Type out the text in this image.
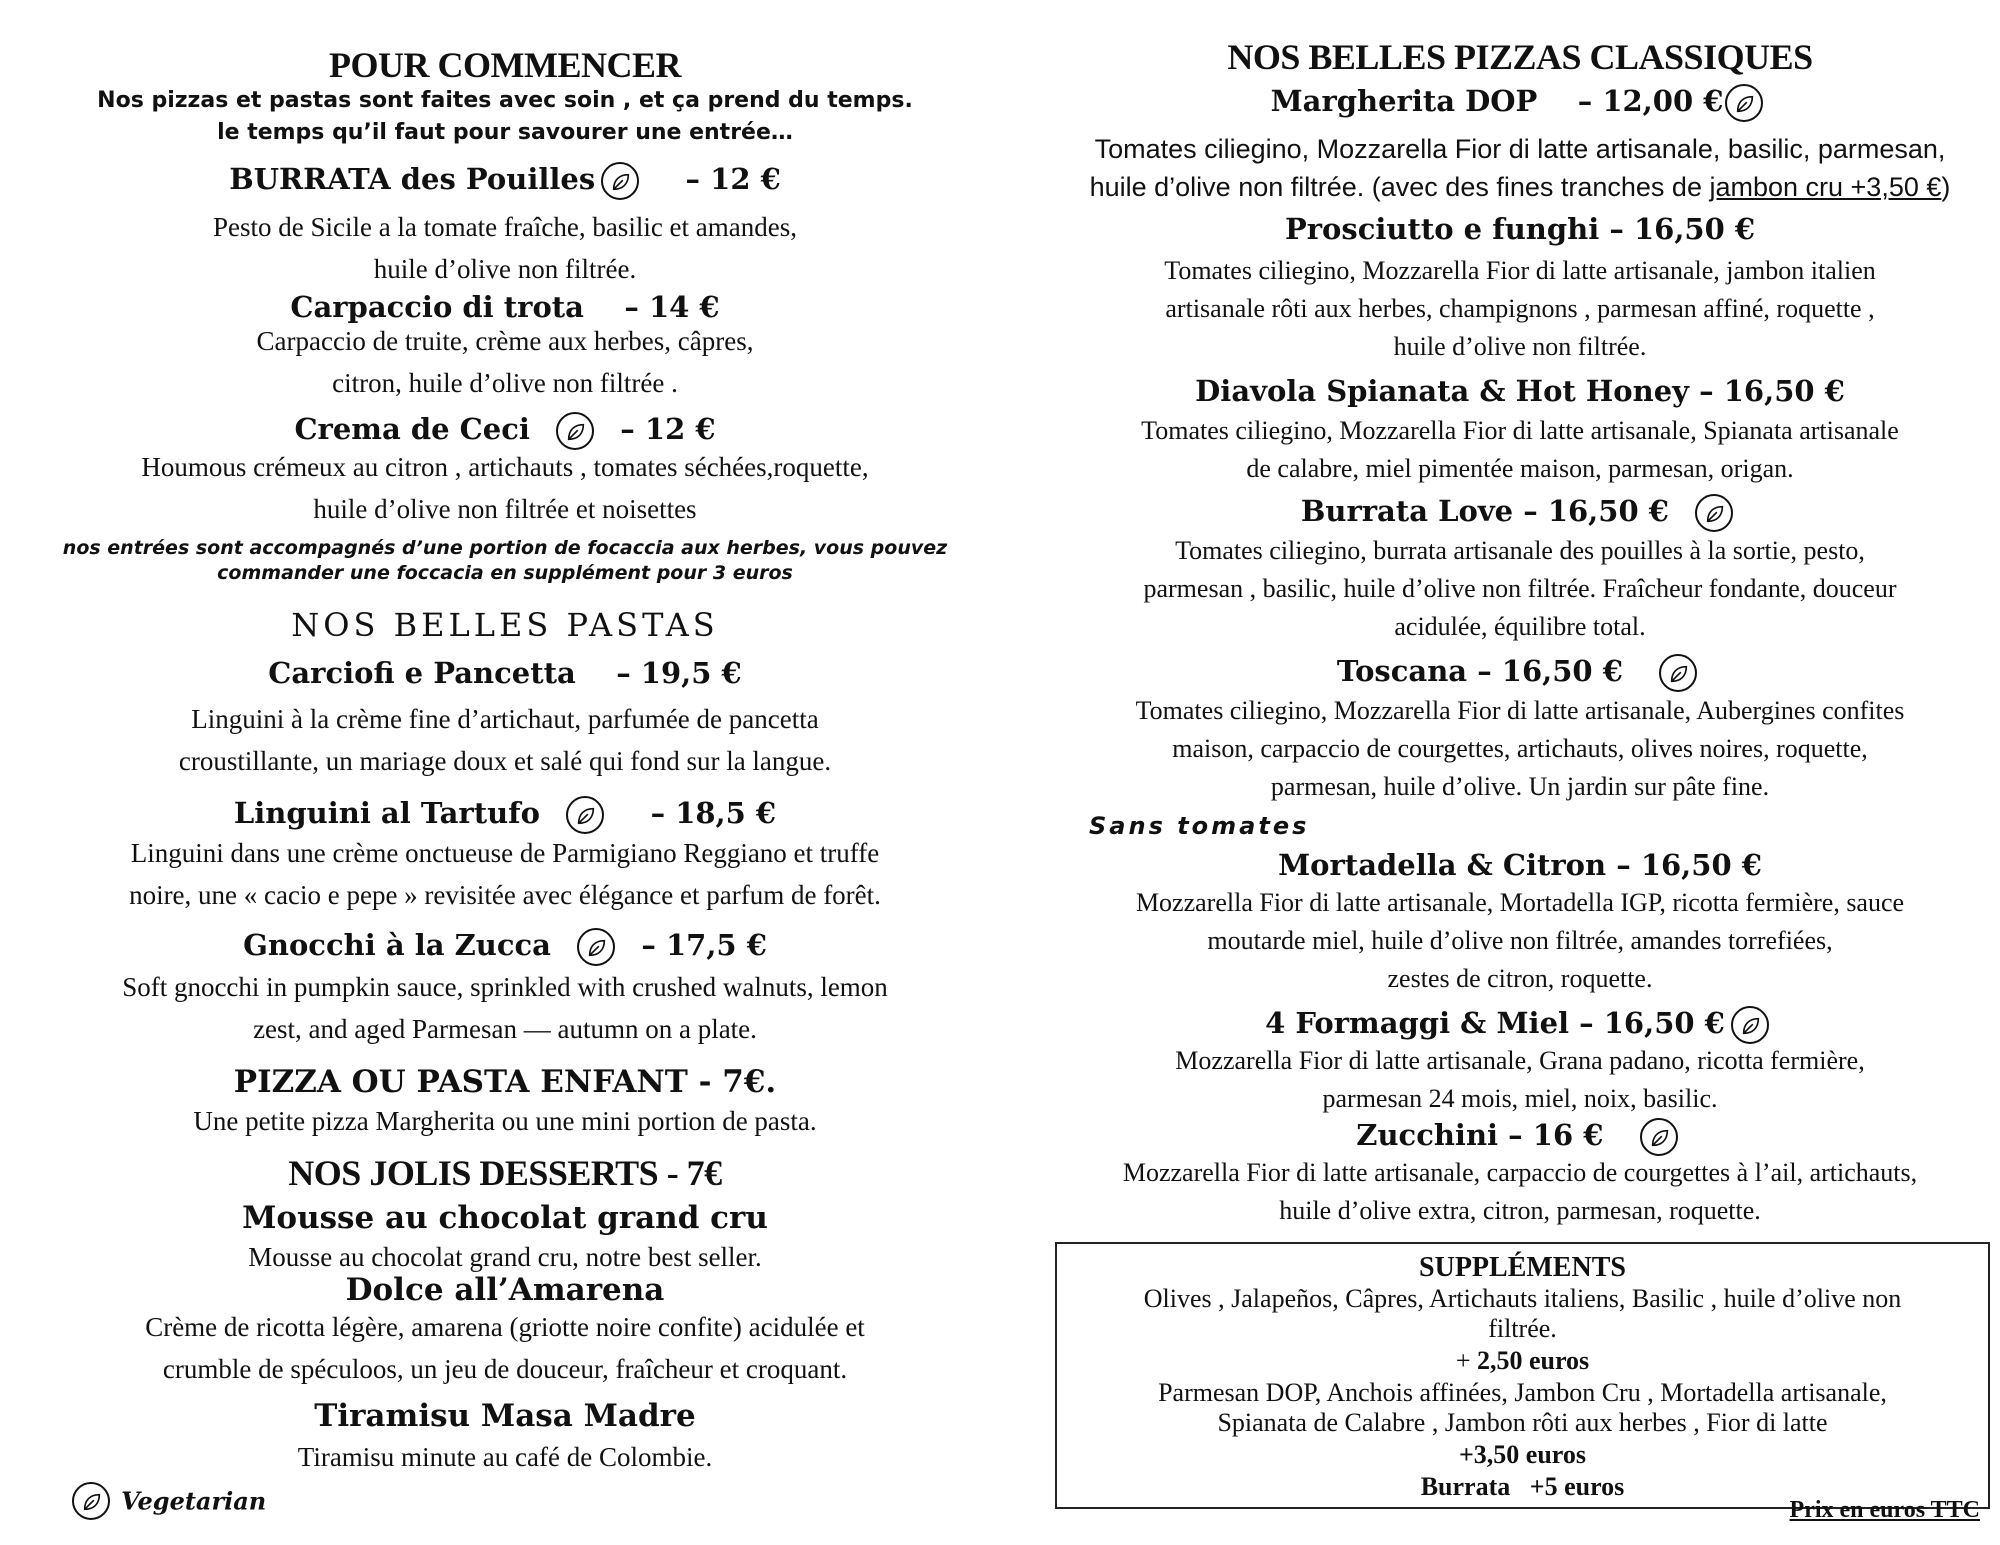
POUR COMMENCER
Nos pizzas et pastas sont faites avec soin , et ça prend du temps.
le temps qu’il faut pour savourer une entrée…
BURRATA des Pouilles	– 12 €
Pesto de Sicile a la tomate fraîche, basilic et amandes,
huile d’olive non filtrée.
Carpaccio di trota – 14 €
Carpaccio de truite, crème aux herbes, câpres,
citron, huile d’olive non filtrée .
Crema de Ceci	– 12 €
Houmous crémeux au citron , artichauts , tomates séchées,roquette,
huile d’olive non filtrée et noisettes
nos entrées sont accompagnés d’une portion de focaccia aux herbes, vous pouvez
commander une foccacia en supplément pour 3 euros
NOS BELLES PASTAS
Carciofi e Pancetta – 19,5 €
Linguini à la crème fine d’artichaut, parfumée de pancetta
croustillante, un mariage doux et salé qui fond sur la langue.
Linguini al Tartufo	– 18,5 €
Linguini dans une crème onctueuse de Parmigiano Reggiano et truffe
noire, une « cacio e pepe » revisitée avec élégance et parfum de forêt.
Gnocchi à la Zucca	– 17,5 €
Soft gnocchi in pumpkin sauce, sprinkled with crushed walnuts, lemon
zest, and aged Parmesan — autumn on a plate.
PIZZA OU PASTA ENFANT - 7€.
Une petite pizza Margherita ou une mini portion de pasta.
NOS JOLIS DESSERTS - 7€
Mousse au chocolat grand cru
Mousse au chocolat grand cru, notre best seller.
Dolce all’Amarena
Crème de ricotta légère, amarena (griotte noire confite) acidulée et
crumble de spéculoos, un jeu de douceur, fraîcheur et croquant.
Tiramisu Masa Madre
Tiramisu minute au café de Colombie.
Vegetarian
NOS BELLES PIZZAS CLASSIQUES
Margherita DOP – 12,00 €
Tomates ciliegino, Mozzarella Fior di latte artisanale, basilic, parmesan,
huile d’olive non filtrée. (avec des fines tranches de jambon cru +3,50 €)
Prosciutto e funghi – 16,50 €
Tomates ciliegino, Mozzarella Fior di latte artisanale, jambon italien
artisanale rôti aux herbes, champignons , parmesan affiné, roquette ,
huile d’olive non filtrée.
Diavola Spianata & Hot Honey – 16,50 €
Tomates ciliegino, Mozzarella Fior di latte artisanale, Spianata artisanale
de calabre, miel pimentée maison, parmesan, origan.
Burrata Love – 16,50 €
Tomates ciliegino, burrata artisanale des pouilles à la sortie, pesto,
parmesan , basilic, huile d’olive non filtrée. Fraîcheur fondante, douceur
acidulée, équilibre total.
Toscana – 16,50 €
Tomates ciliegino, Mozzarella Fior di latte artisanale, Aubergines confites
maison, carpaccio de courgettes, artichauts, olives noires, roquette,
parmesan, huile d’olive. Un jardin sur pâte fine.
Sans tomates
Mortadella & Citron – 16,50 €
Mozzarella Fior di latte artisanale, Mortadella IGP, ricotta fermière, sauce
moutarde miel, huile d’olive non filtrée, amandes torrefiées,
zestes de citron, roquette.
4 Formaggi & Miel – 16,50 €
Mozzarella Fior di latte artisanale, Grana padano, ricotta fermière,
parmesan 24 mois, miel, noix, basilic.
Zucchini – 16 €
Mozzarella Fior di latte artisanale, carpaccio de courgettes à l’ail, artichauts,
huile d’olive extra, citron, parmesan, roquette.
SUPPLÉMENTS
Olives , Jalapeños, Câpres, Artichauts italiens, Basilic , huile d’olive non
filtrée.
+ 2,50 euros
Parmesan DOP, Anchois affinées, Jambon Cru , Mortadella artisanale,
Spianata de Calabre , Jambon rôti aux herbes , Fior di latte
+3,50 euros
Burrata +5 euros
Prix en euros TTC
